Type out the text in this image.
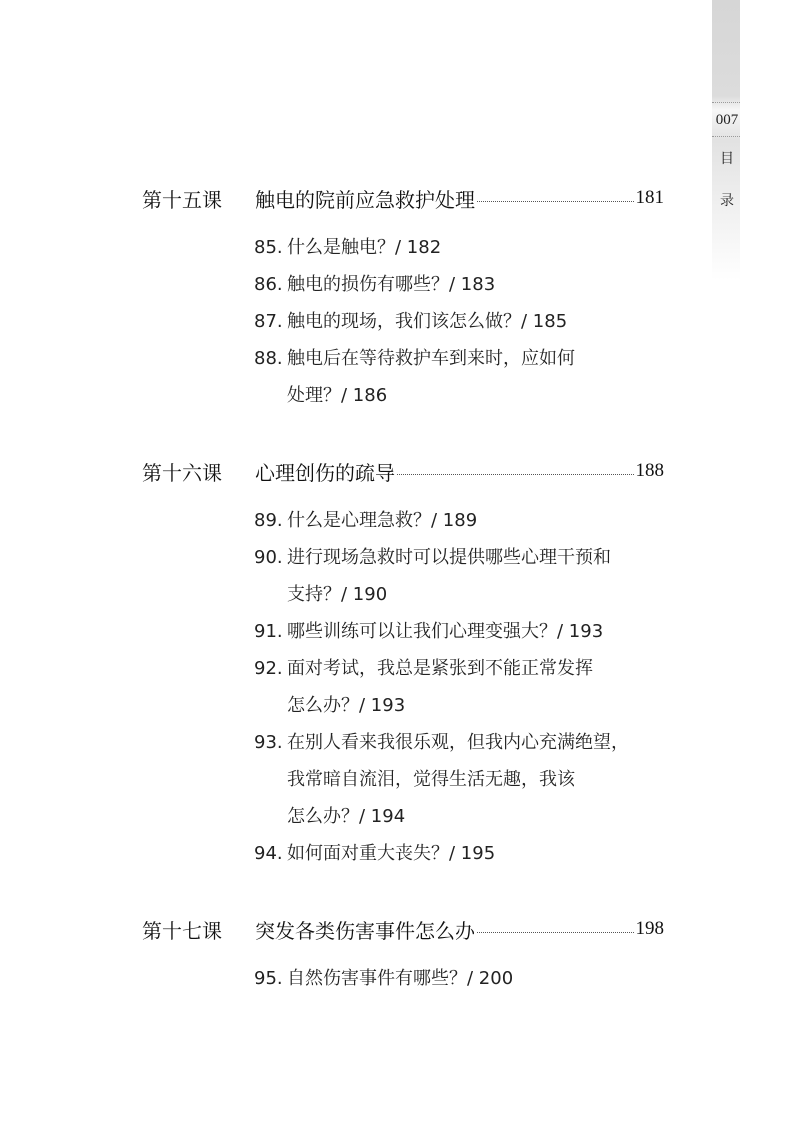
007
目
录
第十五课	触电的院前应急救护处理	181
85. 什么是触电？/ 182
86. 触电的损伤有哪些？/ 183
87. 触电的现场，我们该怎么做？/ 185
88. 触电后在等待救护车到来时，应如何
处理？/ 186
第十六课	心理创伤的疏导	188
89. 什么是心理急救？/ 189
90. 进行现场急救时可以提供哪些心理干预和
支持？/ 190
91. 哪些训练可以让我们心理变强大？/ 193
92. 面对考试，我总是紧张到不能正常发挥
怎么办？/ 193
93. 在别人看来我很乐观，但我内心充满绝望，
我常暗自流泪，觉得生活无趣，我该
怎么办？/ 194
94. 如何面对重大丧失？/ 195
第十七课	突发各类伤害事件怎么办	198
95. 自然伤害事件有哪些？/ 200
